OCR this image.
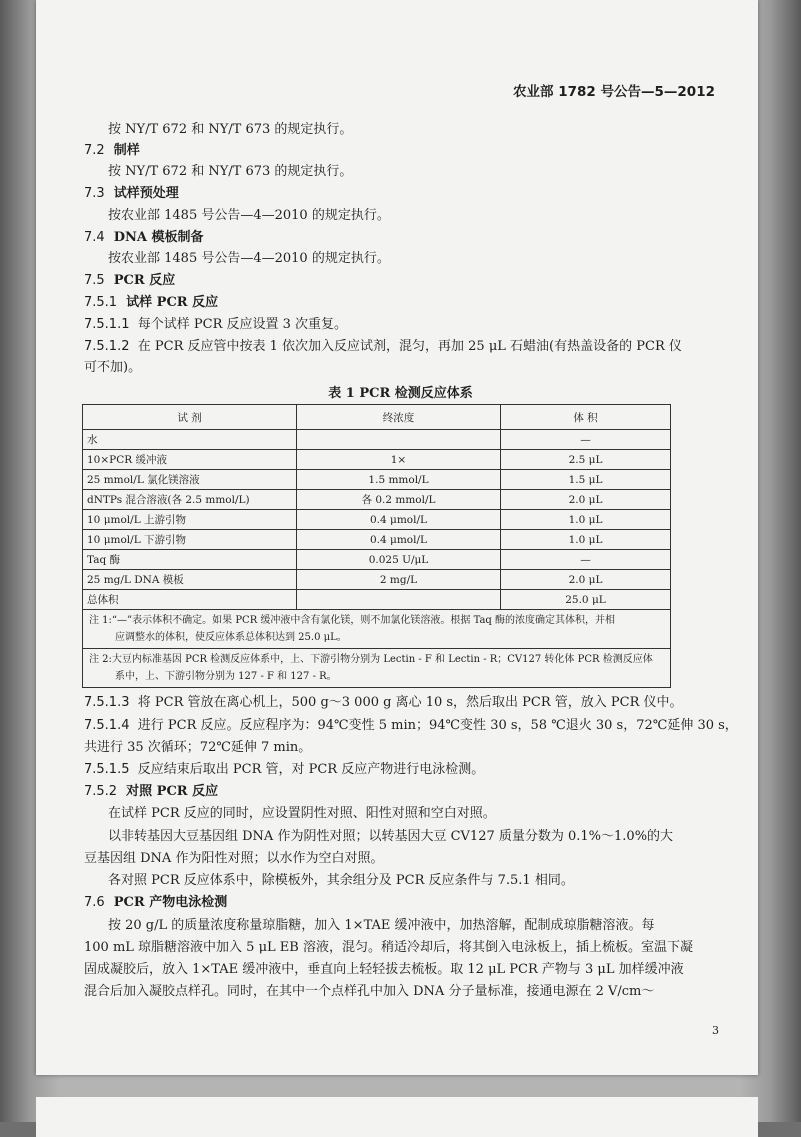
农业部 1782 号公告—5—2012
按 NY/T 672 和 NY/T 673 的规定执行。
7.2 制样
按 NY/T 672 和 NY/T 673 的规定执行。
7.3 试样预处理
按农业部 1485 号公告—4—2010 的规定执行。
7.4 DNA 模板制备
按农业部 1485 号公告—4—2010 的规定执行。
7.5 PCR 反应
7.5.1 试样 PCR 反应
7.5.1.1 每个试样 PCR 反应设置 3 次重复。
7.5.1.2 在 PCR 反应管中按表 1 依次加入反应试剂，混匀，再加 25 μL 石蜡油(有热盖设备的 PCR 仪
可不加)。
表 1 PCR 检测反应体系
试 剂	终浓度	体 积
水		—
10×PCR 缓冲液	1×	2.5 μL
25 mmol/L 氯化镁溶液	1.5 mmol/L	1.5 μL
dNTPs 混合溶液(各 2.5 mmol/L)	各 0.2 mmol/L	2.0 μL
10 μmol/L 上游引物	0.4 μmol/L	1.0 μL
10 μmol/L 下游引物	0.4 μmol/L	1.0 μL
Taq 酶	0.025 U/μL	—
25 mg/L DNA 模板	2 mg/L	2.0 μL
总体积		25.0 μL

注 1:“—”表示体积不确定。如果 PCR 缓冲液中含有氯化镁，则不加氯化镁溶液。根据 Taq 酶的浓度确定其体积，并相
应调整水的体积，使反应体系总体积达到 25.0 μL。		

注 2:大豆内标准基因 PCR 检测反应体系中，上、下游引物分别为 Lectin - F 和 Lectin - R；CV127 转化体 PCR 检测反应体
系中，上、下游引物分别为 127 - F 和 127 - R。		
7.5.1.3 将 PCR 管放在离心机上，500 g～3 000 g 离心 10 s，然后取出 PCR 管，放入 PCR 仪中。
7.5.1.4 进行 PCR 反应。反应程序为：94℃变性 5 min；94℃变性 30 s，58 ℃退火 30 s，72℃延伸 30 s，
共进行 35 次循环；72℃延伸 7 min。
7.5.1.5 反应结束后取出 PCR 管，对 PCR 反应产物进行电泳检测。
7.5.2 对照 PCR 反应
在试样 PCR 反应的同时，应设置阴性对照、阳性对照和空白对照。
以非转基因大豆基因组 DNA 作为阴性对照；以转基因大豆 CV127 质量分数为 0.1%～1.0%的大
豆基因组 DNA 作为阳性对照；以水作为空白对照。
各对照 PCR 反应体系中，除模板外，其余组分及 PCR 反应条件与 7.5.1 相同。
7.6 PCR 产物电泳检测
按 20 g/L 的质量浓度称量琼脂糖，加入 1×TAE 缓冲液中，加热溶解，配制成琼脂糖溶液。每
100 mL 琼脂糖溶液中加入 5 μL EB 溶液，混匀。稍适冷却后，将其倒入电泳板上，插上梳板。室温下凝
固成凝胶后，放入 1×TAE 缓冲液中，垂直向上轻轻拔去梳板。取 12 μL PCR 产物与 3 μL 加样缓冲液
混合后加入凝胶点样孔。同时，在其中一个点样孔中加入 DNA 分子量标准，接通电源在 2 V/cm～
3
